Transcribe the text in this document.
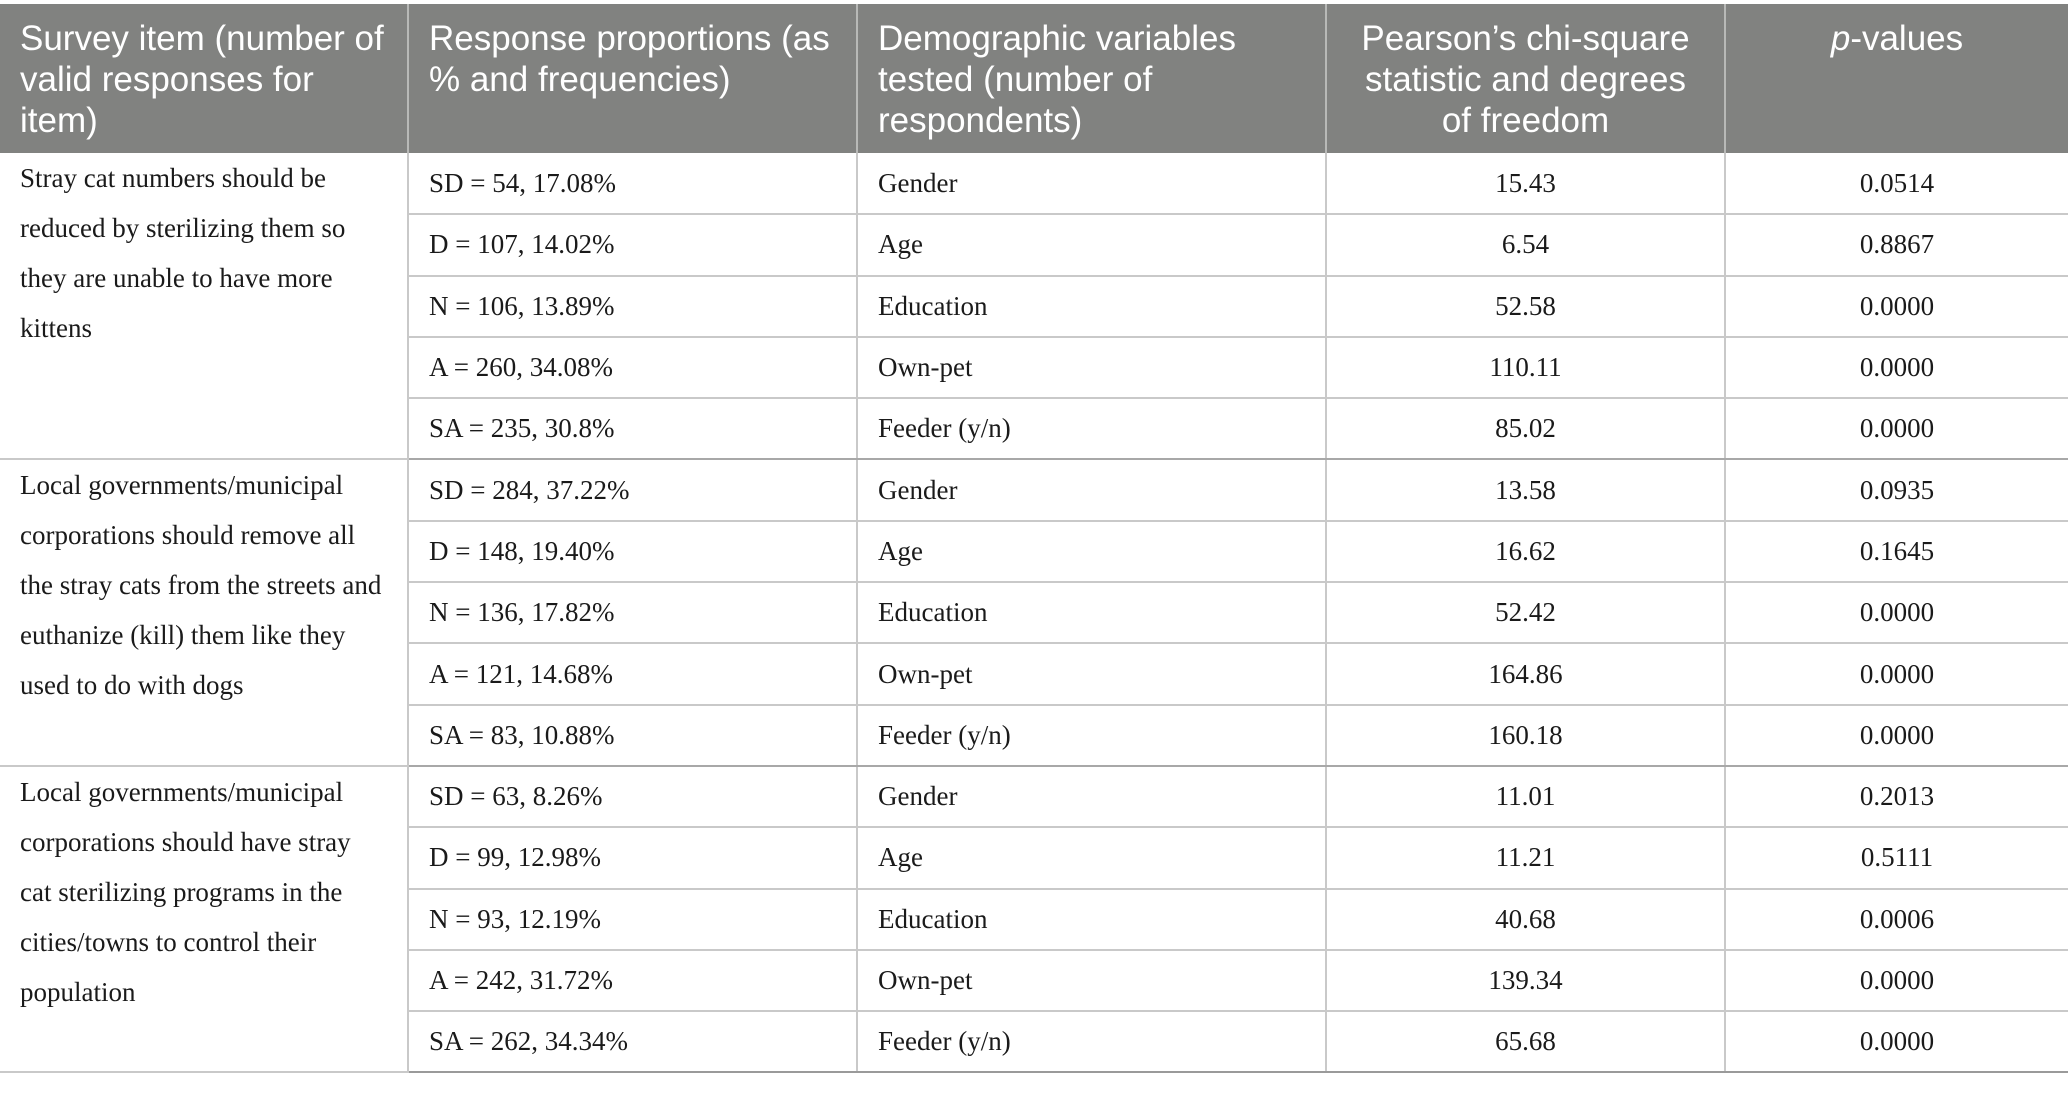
Survey item (number of valid responses for item)	Response proportions (as % and frequencies)	Demographic variables tested (number of respondents)	Pearson’s chi-square statistic and degrees of freedom	p-values
Stray cat numbers should be reduced by sterilizing them so they are unable to have more kittens	SD = 54, 17.08%	Gender	15.43	0.0514
	D = 107, 14.02%	Age	6.54	0.8867
	N = 106, 13.89%	Education	52.58	0.0000
	A = 260, 34.08%	Own-pet	110.11	0.0000
	SA = 235, 30.8%	Feeder (y/n)	85.02	0.0000
Local governments/municipal corporations should remove all the stray cats from the streets and euthanize (kill) them like they used to do with dogs	SD = 284, 37.22%	Gender	13.58	0.0935
	D = 148, 19.40%	Age	16.62	0.1645
	N = 136, 17.82%	Education	52.42	0.0000
	A = 121, 14.68%	Own-pet	164.86	0.0000
	SA = 83, 10.88%	Feeder (y/n)	160.18	0.0000
Local governments/municipal corporations should have stray cat sterilizing programs in the cities/towns to control their population	SD = 63, 8.26%	Gender	11.01	0.2013
	D = 99, 12.98%	Age	11.21	0.5111
	N = 93, 12.19%	Education	40.68	0.0006
	A = 242, 31.72%	Own-pet	139.34	0.0000
	SA = 262, 34.34%	Feeder (y/n)	65.68	0.0000
